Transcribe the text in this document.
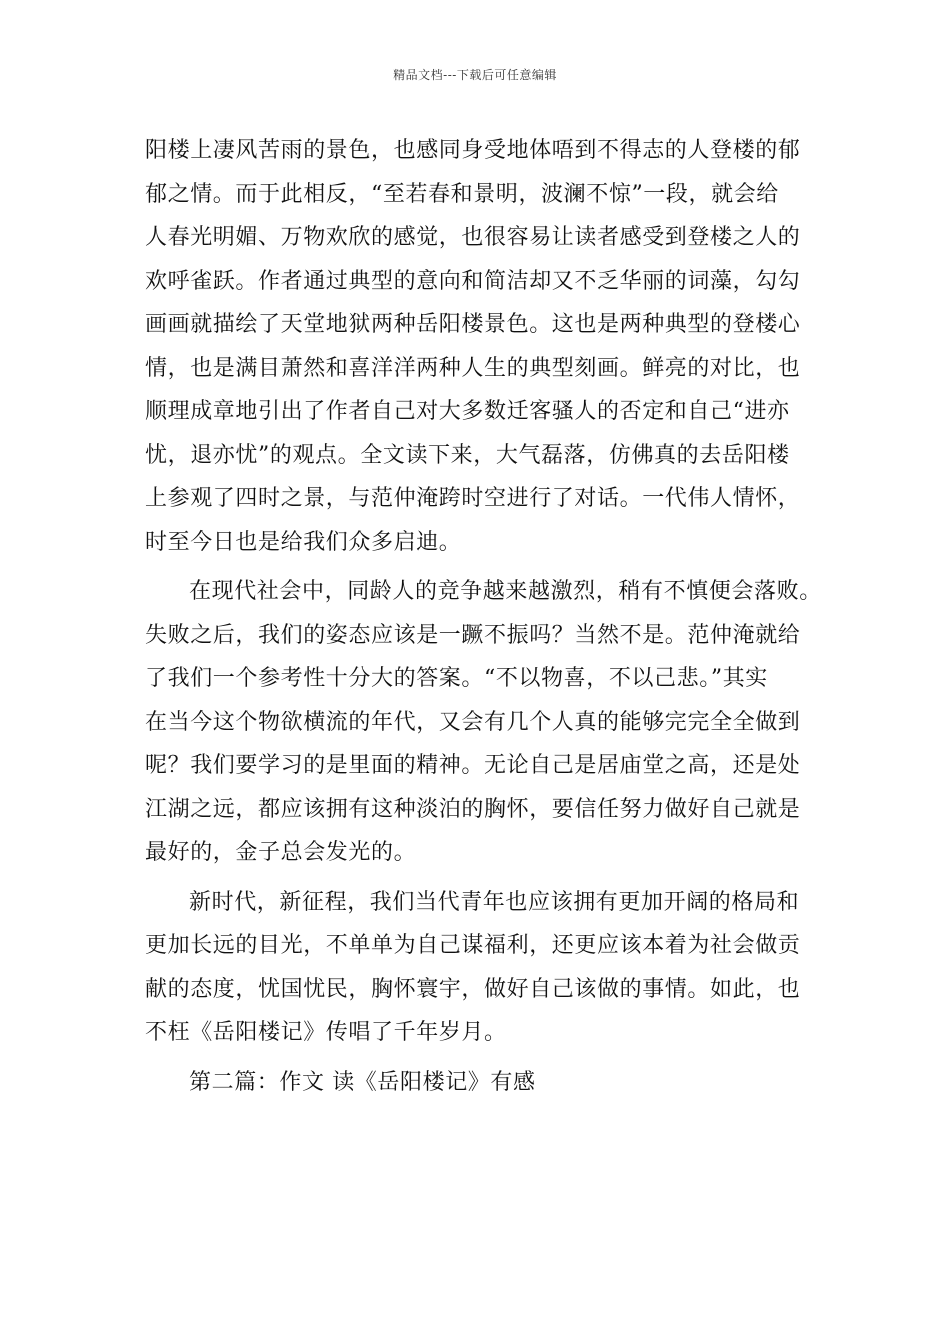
精品文档---下载后可任意编辑
阳楼上凄风苦雨的景色，也感同身受地体唔到不得志的人登楼的郁
郁之情。而于此相反，“至若春和景明，波澜不惊”一段，就会给
人春光明媚、万物欢欣的感觉，也很容易让读者感受到登楼之人的
欢呼雀跃。作者通过典型的意向和简洁却又不乏华丽的词藻，勾勾
画画就描绘了天堂地狱两种岳阳楼景色。这也是两种典型的登楼心
情，也是满目萧然和喜洋洋两种人生的典型刻画。鲜亮的对比，也
顺理成章地引出了作者自己对大多数迁客骚人的否定和自己“进亦
忧，退亦忧”的观点。全文读下来，大气磊落，仿佛真的去岳阳楼
上参观了四时之景，与范仲淹跨时空进行了对话。一代伟人情怀，
时至今日也是给我们众多启迪。
在现代社会中，同龄人的竞争越来越激烈，稍有不慎便会落败。
失败之后，我们的姿态应该是一蹶不振吗？当然不是。范仲淹就给
了我们一个参考性十分大的答案。“不以物喜，不以己悲。”其实
在当今这个物欲横流的年代，又会有几个人真的能够完完全全做到
呢？我们要学习的是里面的精神。无论自己是居庙堂之高，还是处
江湖之远，都应该拥有这种淡泊的胸怀，要信任努力做好自己就是
最好的，金子总会发光的。
新时代，新征程，我们当代青年也应该拥有更加开阔的格局和
更加长远的目光，不单单为自己谋福利，还更应该本着为社会做贡
献的态度，忧国忧民，胸怀寰宇，做好自己该做的事情。如此，也
不枉《岳阳楼记》传唱了千年岁月。
第二篇：作文 读《岳阳楼记》有感
